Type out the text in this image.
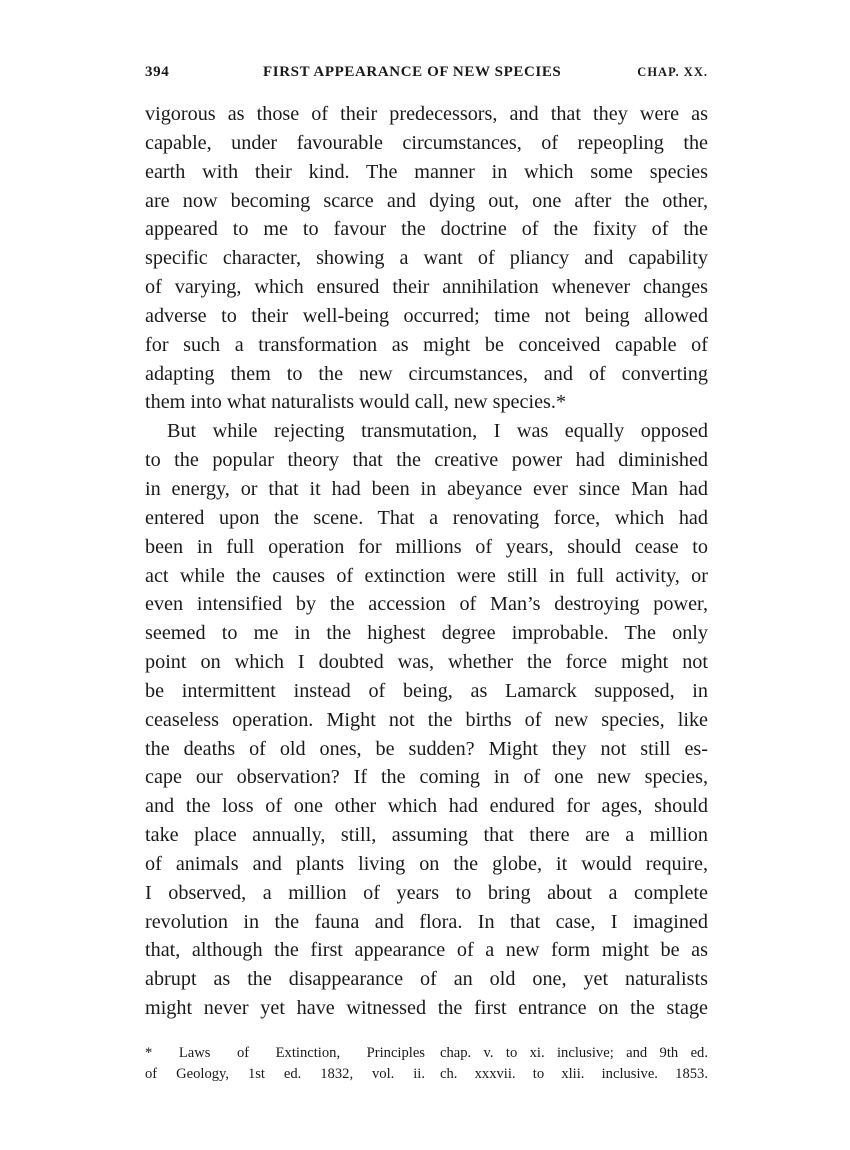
394	FIRST APPEARANCE OF NEW SPECIES	CHAP. XX.

vigorous as those of their predecessors, and that they were as
capable, under favourable circumstances, of repeopling the
earth with their kind. The manner in which some species
are now becoming scarce and dying out, one after the other,
appeared to me to favour the doctrine of the fixity of the
specific character, showing a want of pliancy and capability
of varying, which ensured their annihilation whenever changes
adverse to their well-being occurred; time not being allowed
for such a transformation as might be conceived capable of
adapting them to the new circumstances, and of converting
them into what naturalists would call, new species.*

But while rejecting transmutation, I was equally opposed
to the popular theory that the creative power had diminished
in energy, or that it had been in abeyance ever since Man had
entered upon the scene. That a renovating force, which had
been in full operation for millions of years, should cease to
act while the causes of extinction were still in full activity, or
even intensified by the accession of Man’s destroying power,
seemed to me in the highest degree improbable. The only
point on which I doubted was, whether the force might not
be intermittent instead of being, as Lamarck supposed, in
ceaseless operation. Might not the births of new species, like
the deaths of old ones, be sudden? Might they not still es-
cape our observation? If the coming in of one new species,
and the loss of one other which had endured for ages, should
take place annually, still, assuming that there are a million
of animals and plants living on the globe, it would require,
I observed, a million of years to bring about a complete
revolution in the fauna and flora. In that case, I imagined
that, although the first appearance of a new form might be as
abrupt as the disappearance of an old one, yet naturalists
might never yet have witnessed the first entrance on the stage

* Laws of Extinction, Principles
of Geology, 1st ed. 1832, vol. ii.
chap. v. to xi. inclusive; and 9th ed.
ch. xxxvii. to xlii. inclusive. 1853.
